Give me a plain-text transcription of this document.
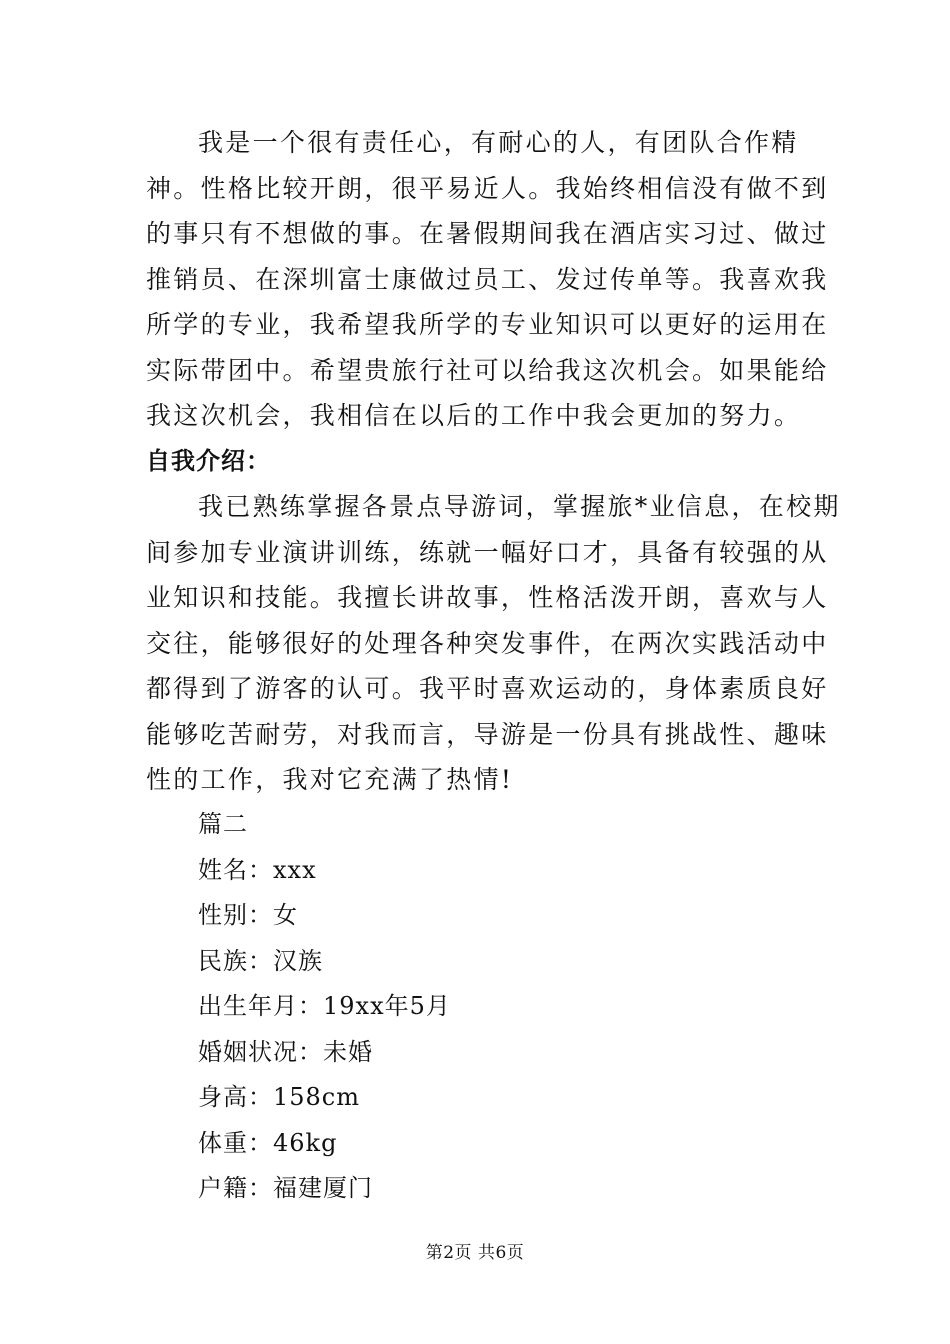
我是一个很有责任心，有耐心的人，有团队合作精神。性格比较开朗，很平易近人。我始终相信没有做不到的事只有不想做的事。在暑假期间我在酒店实习过、做过推销员、在深圳富士康做过员工、发过传单等。我喜欢我所学的专业，我希望我所学的专业知识可以更好的运用在实际带团中。希望贵旅行社可以给我这次机会。如果能给我这次机会，我相信在以后的工作中我会更加的努力。

自我介绍：

我已熟练掌握各景点导游词，掌握旅*业信息，在校期间参加专业演讲训练，练就一幅好口才，具备有较强的从业知识和技能。我擅长讲故事，性格活泼开朗，喜欢与人交往，能够很好的处理各种突发事件，在两次实践活动中都得到了游客的认可。我平时喜欢运动的，身体素质良好能够吃苦耐劳，对我而言，导游是一份具有挑战性、趣味性的工作，我对它充满了热情!

篇二
姓名：xxx
性别：女
民族：汉族
出生年月：19xx年5月
婚姻状况：未婚
身高：158cm
体重：46kg
户籍：福建厦门
第2页 共6页
